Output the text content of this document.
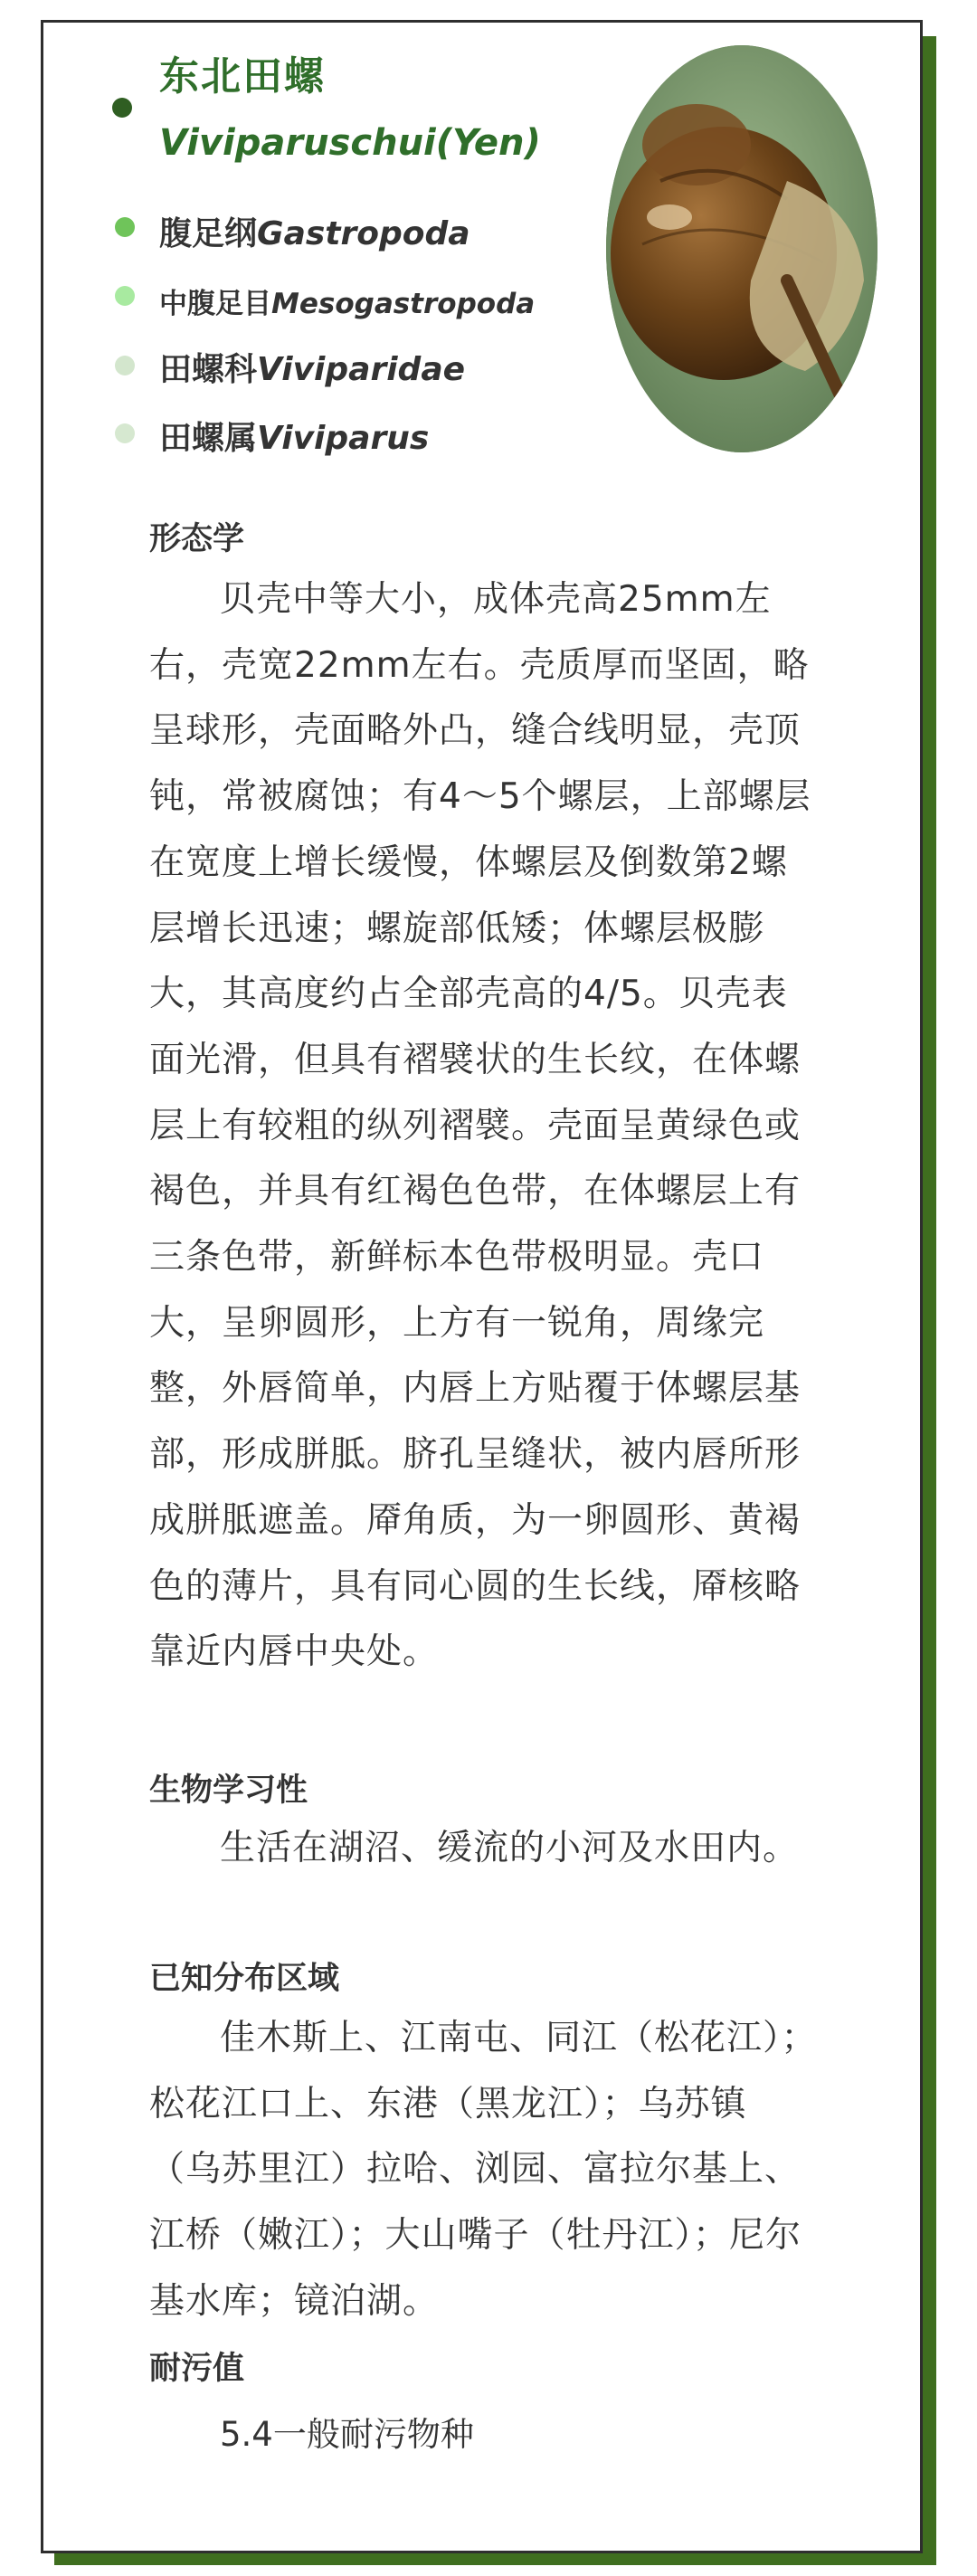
东北田螺
Viviparuschui(Yen)
腹足纲Gastropoda
中腹足目Mesogastropoda
田螺科Viviparidae
田螺属Viviparus
形态学
贝壳中等大小，成体壳高25mm左右，壳宽22mm左右。壳质厚而坚固，略呈球形，壳面略外凸，缝合线明显，壳顶钝，常被腐蚀；有4～5个螺层，上部螺层在宽度上增长缓慢，体螺层及倒数第2螺层增长迅速；螺旋部低矮；体螺层极膨大，其高度约占全部壳高的4/5。贝壳表面光滑，但具有褶襞状的生长纹，在体螺层上有较粗的纵列褶襞。壳面呈黄绿色或褐色，并具有红褐色色带，在体螺层上有三条色带，新鲜标本色带极明显。壳口大，呈卵圆形，上方有一锐角，周缘完整，外唇简单，内唇上方贴覆于体螺层基部，形成胼胝。脐孔呈缝状，被内唇所形成胼胝遮盖。厣角质，为一卵圆形、黄褐色的薄片，具有同心圆的生长线，厣核略靠近内唇中央处。
生物学习性
生活在湖沼、缓流的小河及水田内。
已知分布区域
佳木斯上、江南屯、同江（松花江）；松花江口上、东港（黑龙江）；乌苏镇（乌苏里江）拉哈、浏园、富拉尔基上、江桥（嫩江）；大山嘴子（牡丹江）；尼尔基水库；镜泊湖。
耐污值
5.4一般耐污物种
